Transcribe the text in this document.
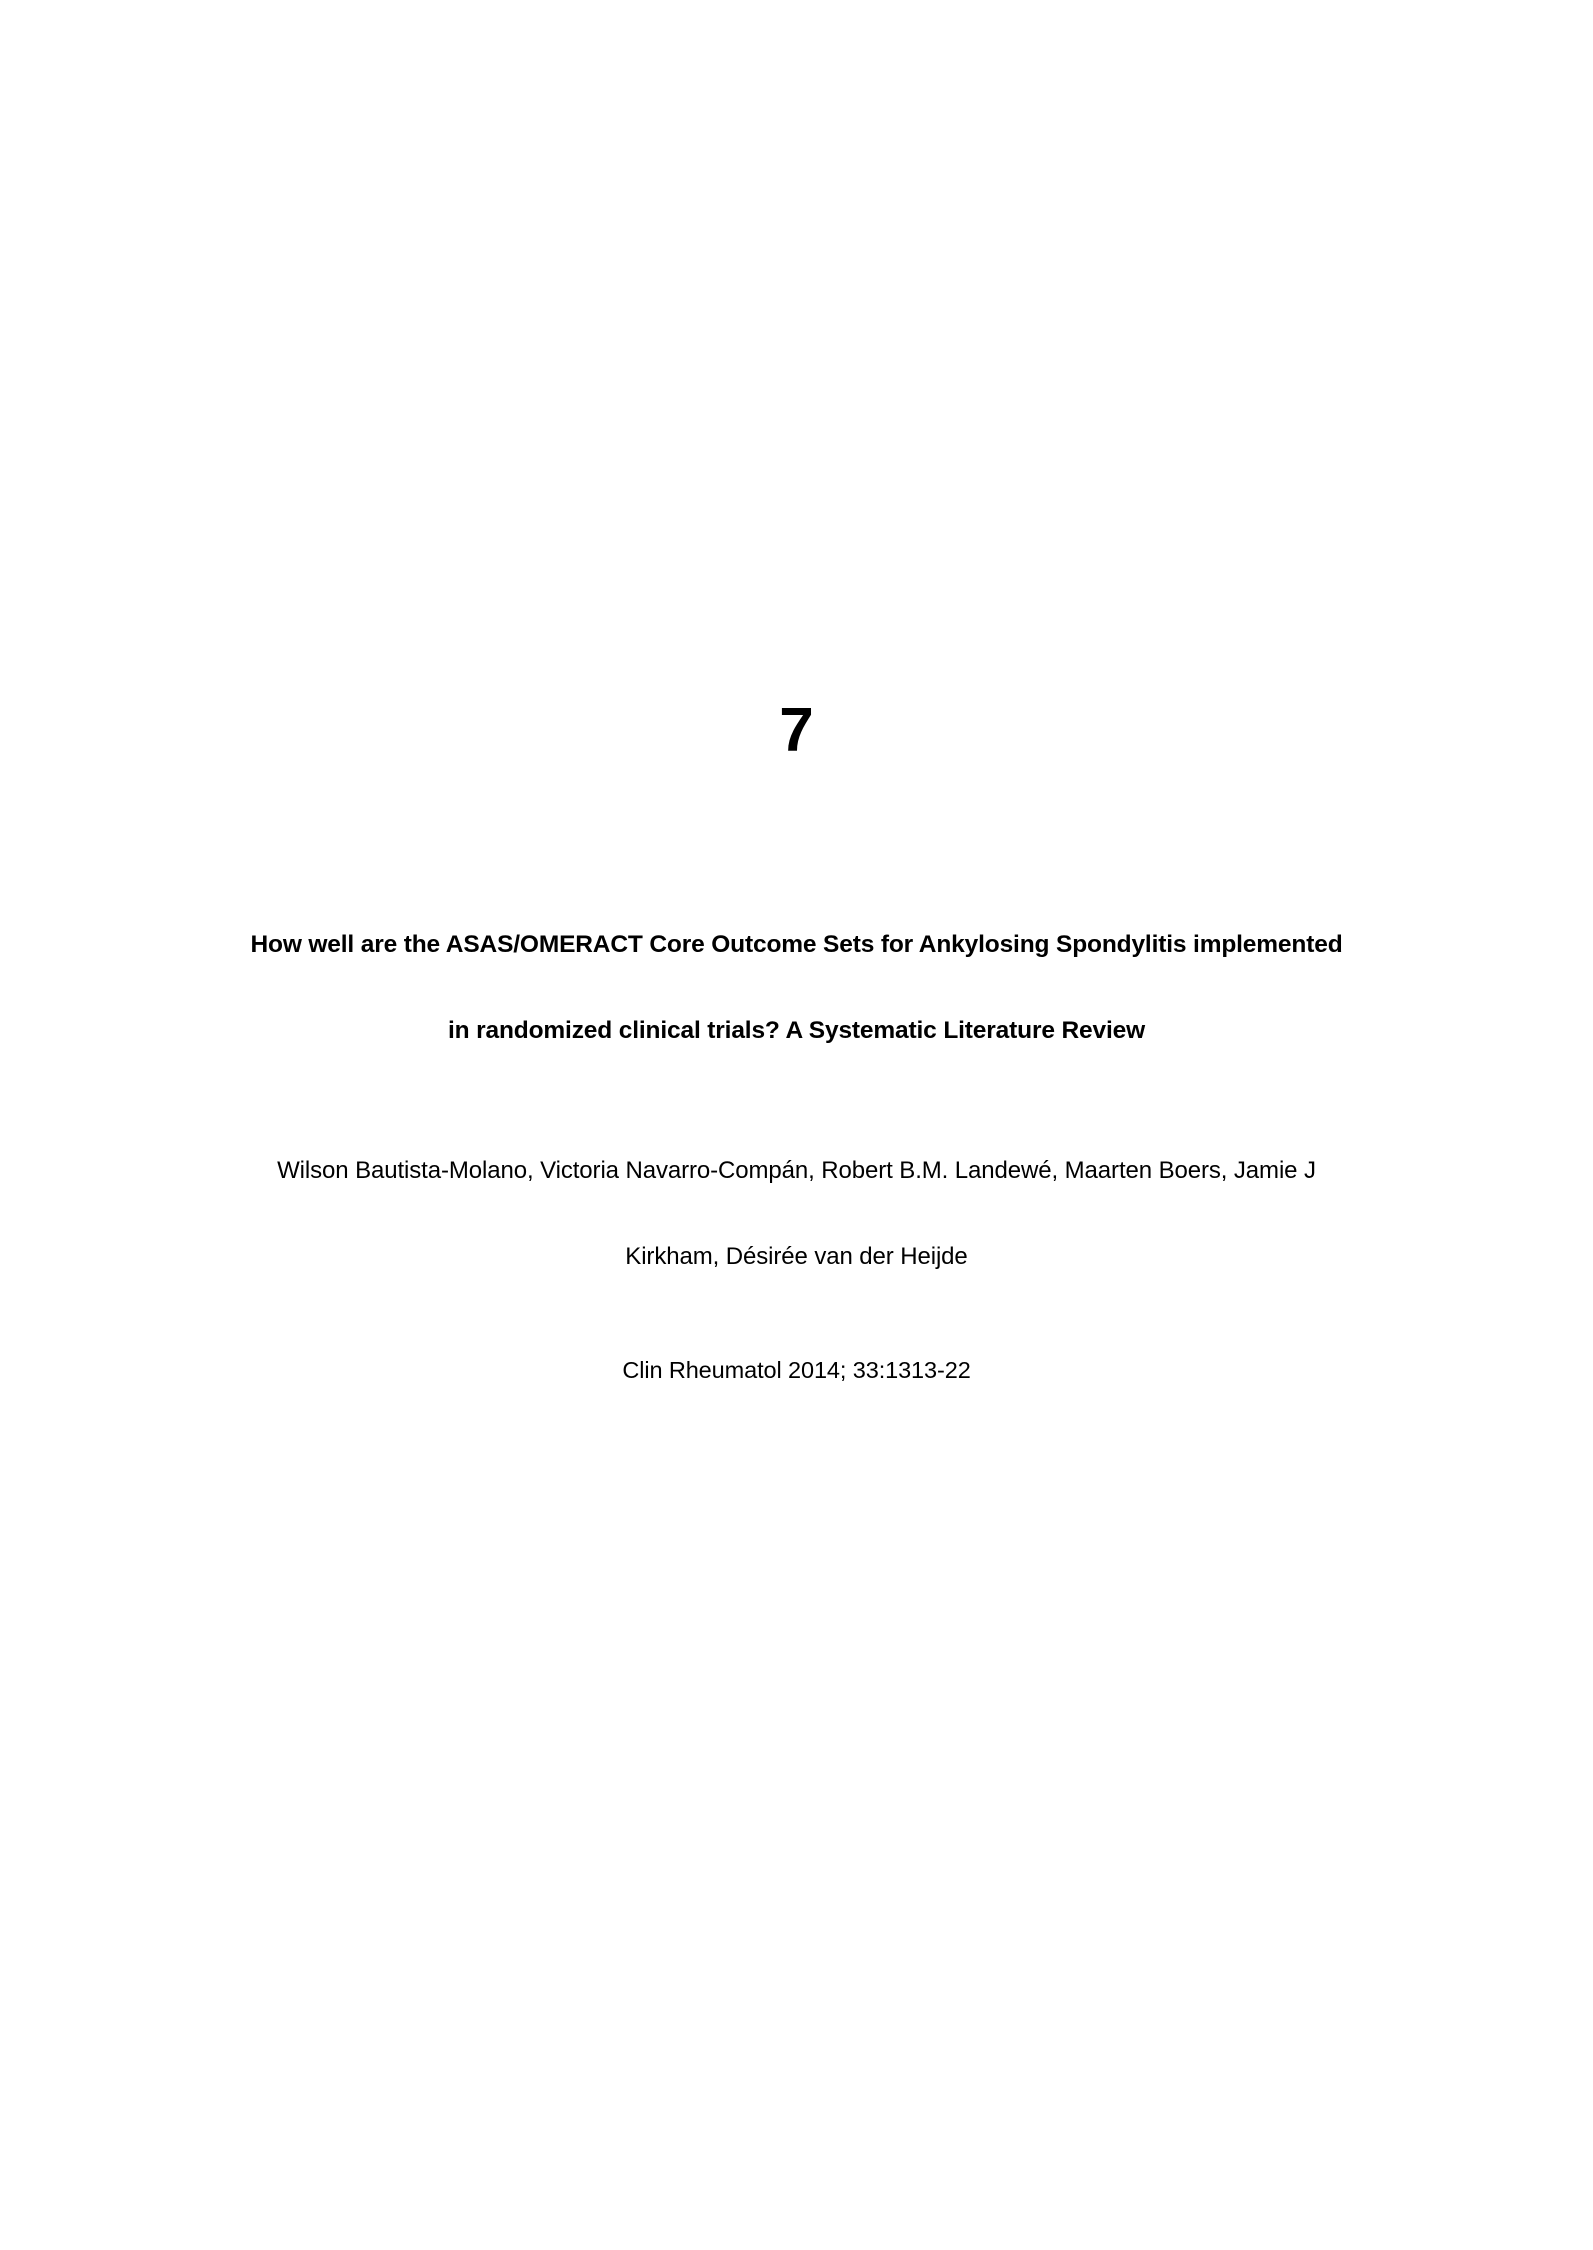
7
How well are the ASAS/OMERACT Core Outcome Sets for Ankylosing Spondylitis implemented
in randomized clinical trials? A Systematic Literature Review
Wilson Bautista-Molano, Victoria Navarro-Compán, Robert B.M. Landewé, Maarten Boers, Jamie J
Kirkham, Désirée van der Heijde
Clin Rheumatol 2014; 33:1313-22
